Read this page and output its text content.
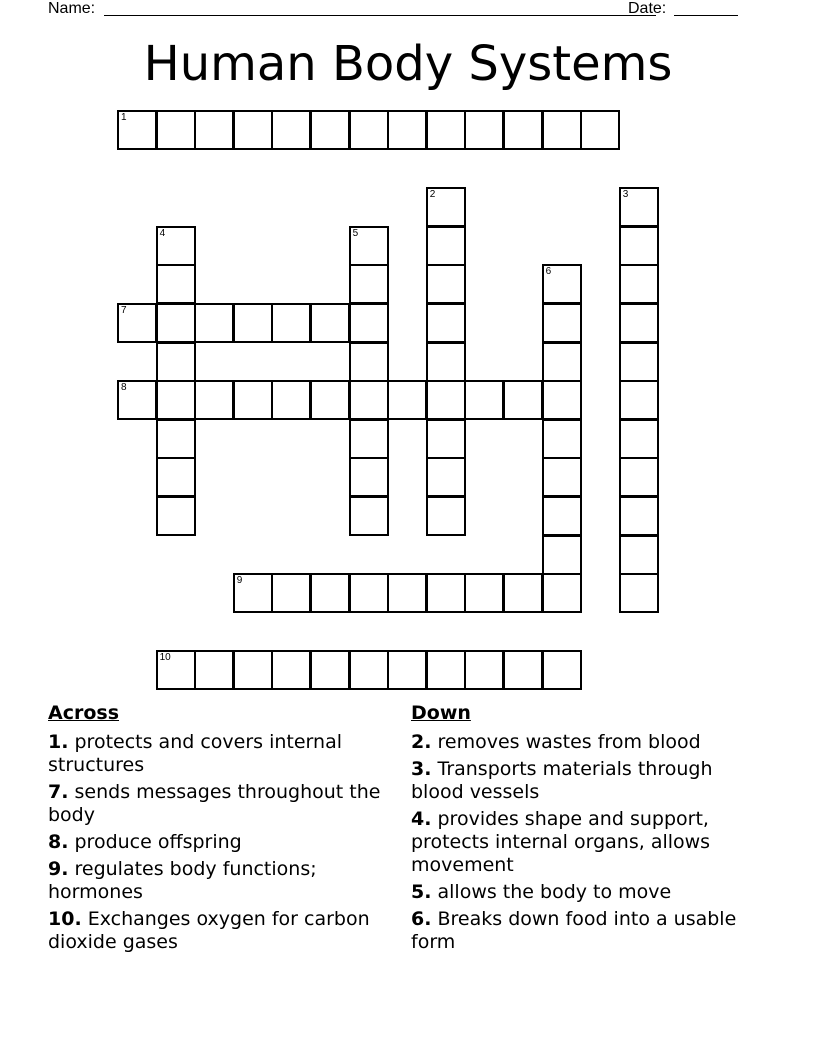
Name:	Date:
Human Body Systems
1
2	3
4	5
6
7
8
9
10
Across
1. protects and covers internal structures
7. sends messages throughout the body
8. produce offspring
9. regulates body functions; hormones
10. Exchanges oxygen for carbon dioxide gases
Down
2. removes wastes from blood
3. Transports materials through blood vessels
4. provides shape and support, protects internal organs, allows movement
5. allows the body to move
6. Breaks down food into a usable form
